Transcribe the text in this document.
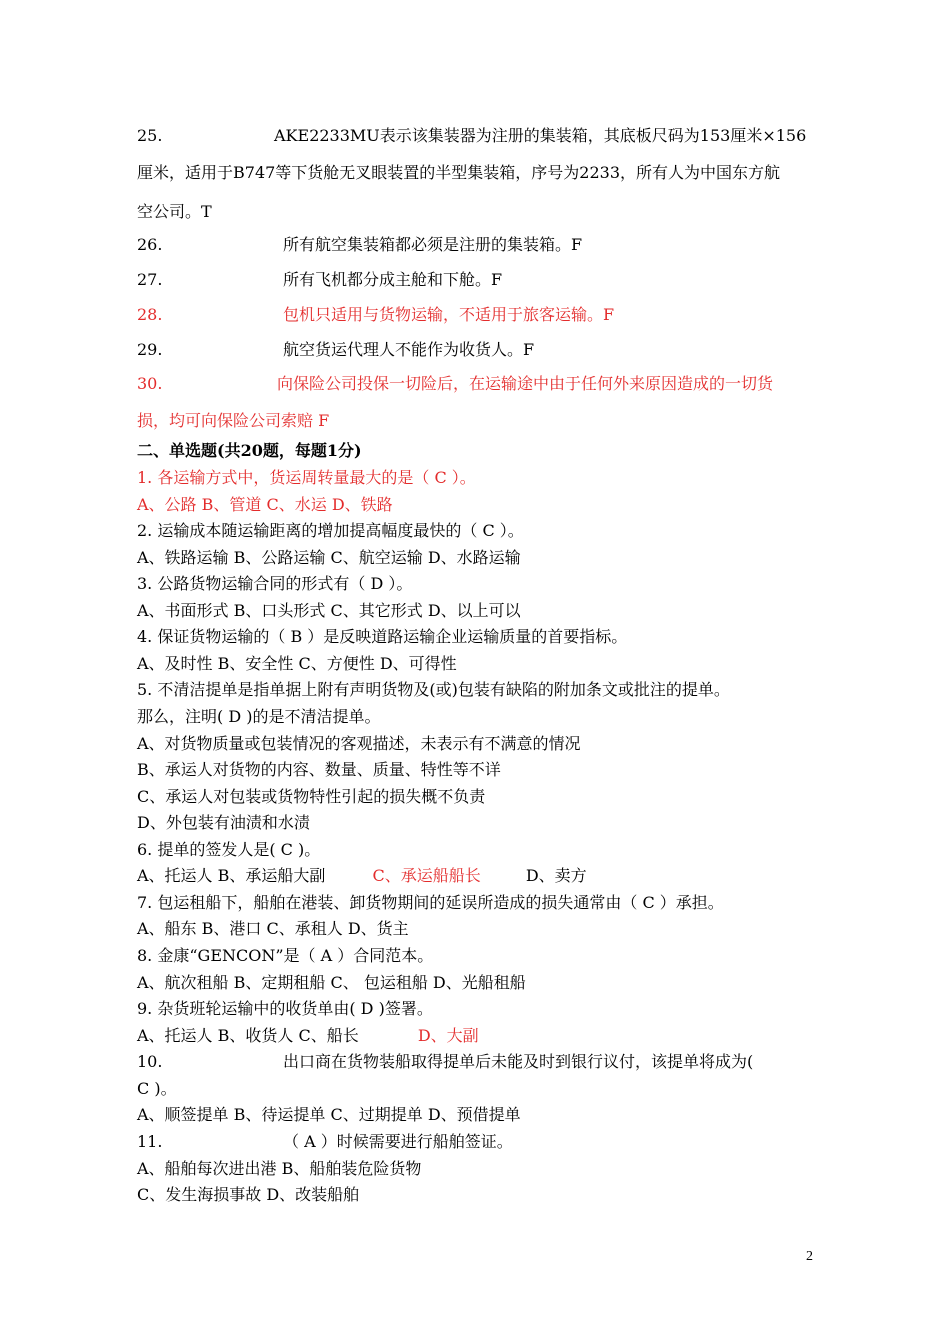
25.	AKE2233MU表示该集装器为注册的集装箱，其底板尺码为153厘米×156
厘米，适用于B747等下货舱无叉眼装置的半型集装箱，序号为2233，所有人为中国东方航
空公司。T
26.	所有航空集装箱都必须是注册的集装箱。F
27.	所有飞机都分成主舱和下舱。F
28.	包机只适用与货物运输，不适用于旅客运输。F
29.	航空货运代理人不能作为收货人。F
30.	向保险公司投保一切险后，在运输途中由于任何外来原因造成的一切货
损，均可向保险公司索赔 F
二、单选题(共20题，每题1分)
1. 各运输方式中，货运周转量最大的是（ C ）。
A、公路 B、管道 C、水运 D、铁路
2. 运输成本随运输距离的增加提高幅度最快的（ C ）。
A、铁路运输 B、公路运输 C、航空运输 D、水路运输
3. 公路货物运输合同的形式有（ D ）。
A、书面形式 B、口头形式 C、其它形式 D、以上可以
4. 保证货物运输的（ B ）是反映道路运输企业运输质量的首要指标。
A、及时性 B、安全性 C、方便性 D、可得性
5. 不清洁提单是指单据上附有声明货物及(或)包装有缺陷的附加条文或批注的提单。
那么，注明( D )的是不清洁提单。
A、对货物质量或包装情况的客观描述，未表示有不满意的情况
B、承运人对货物的内容、数量、质量、特性等不详
C、承运人对包装或货物特性引起的损失概不负责
D、外包装有油渍和水渍
6. 提单的签发人是( C )。
A、托运人 B、承运船大副	C、承运船船长	D、卖方
7. 包运租船下，船舶在港装、卸货物期间的延误所造成的损失通常由（ C ）承担。
A、船东 B、港口 C、承租人 D、货主
8. 金康“GENCON”是（ A ）合同范本。
A、航次租船 B、定期租船 C、 包运租船 D、光船租船
9. 杂货班轮运输中的收货单由( D )签署。
A、托运人 B、收货人 C、船长	D、大副
10.	出口商在货物装船取得提单后未能及时到银行议付，该提单将成为(
C )。
A、顺签提单 B、待运提单 C、过期提单 D、预借提单
11.	（ A ）时候需要进行船舶签证。
A、船舶每次进出港 B、船舶装危险货物
C、发生海损事故 D、改装船舶
2
